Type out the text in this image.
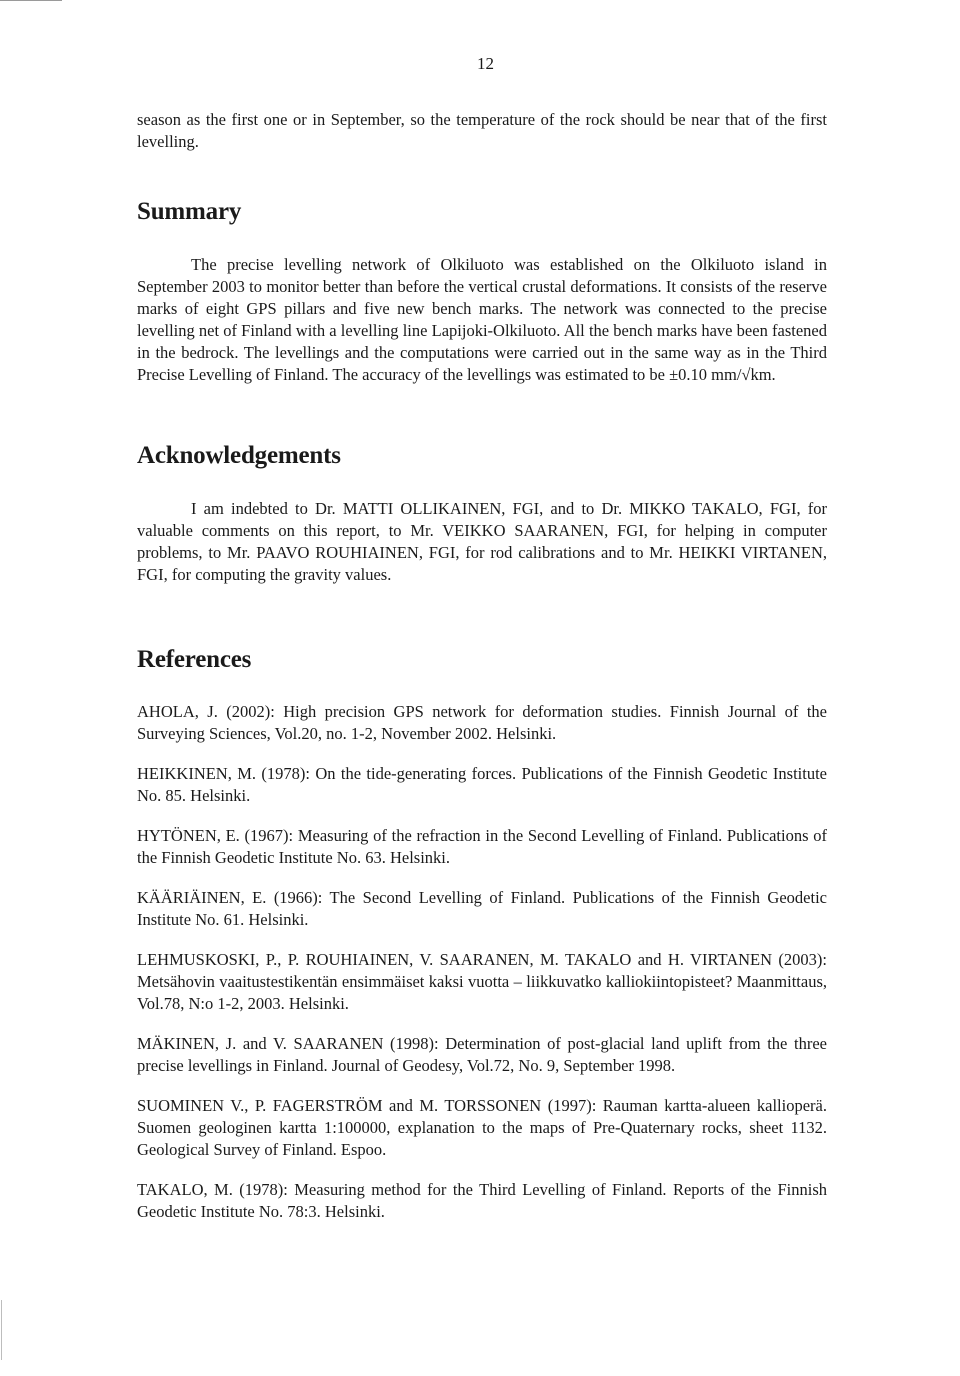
12

season as the first one or in September, so the temperature of the rock should be near that of the first levelling.

Summary

The precise levelling network of Olkiluoto was established on the Olkiluoto island in September 2003 to monitor better than before the vertical crustal deformations. It consists of the reserve marks of eight GPS pillars and five new bench marks. The network was connected to the precise levelling net of Finland with a levelling line Lapijoki-Olkiluoto. All the bench marks have been fastened in the bedrock. The levellings and the computations were carried out in the same way as in the Third Precise Levelling of Finland. The accuracy of the levellings was estimated to be ±0.10 mm/√km.

Acknowledgements

I am indebted to Dr. MATTI OLLIKAINEN, FGI, and to Dr. MIKKO TAKALO, FGI, for valuable comments on this report, to Mr. VEIKKO SAARANEN, FGI, for helping in computer problems, to Mr. PAAVO ROUHIAINEN, FGI, for rod calibrations and to Mr. HEIKKI VIRTANEN, FGI, for computing the gravity values.

References

AHOLA, J. (2002): High precision GPS network for deformation studies. Finnish Journal of the Surveying Sciences, Vol.20, no. 1-2, November 2002. Helsinki.

HEIKKINEN, M. (1978): On the tide-generating forces. Publications of the Finnish Geodetic Institute No. 85. Helsinki.

HYTÖNEN, E. (1967): Measuring of the refraction in the Second Levelling of Finland. Publications of the Finnish Geodetic Institute No. 63. Helsinki.

KÄÄRIÄINEN, E. (1966): The Second Levelling of Finland. Publications of the Finnish Geodetic Institute No. 61. Helsinki.

LEHMUSKOSKI, P., P. ROUHIAINEN, V. SAARANEN, M. TAKALO and H. VIRTANEN (2003): Metsähovin vaaitustestikentän ensimmäiset kaksi vuotta – liikkuvatko kalliokiintopisteet? Maanmittaus, Vol.78, N:o 1-2, 2003. Helsinki.

MÄKINEN, J. and V. SAARANEN (1998): Determination of post-glacial land uplift from the three precise levellings in Finland. Journal of Geodesy, Vol.72, No. 9, September 1998.

SUOMINEN V., P. FAGERSTRÖM and M. TORSSONEN (1997): Rauman kartta-alueen kallioperä. Suomen geologinen kartta 1:100000, explanation to the maps of Pre-Quaternary rocks, sheet 1132. Geological Survey of Finland. Espoo.

TAKALO, M. (1978): Measuring method for the Third Levelling of Finland. Reports of the Finnish Geodetic Institute No. 78:3. Helsinki.
